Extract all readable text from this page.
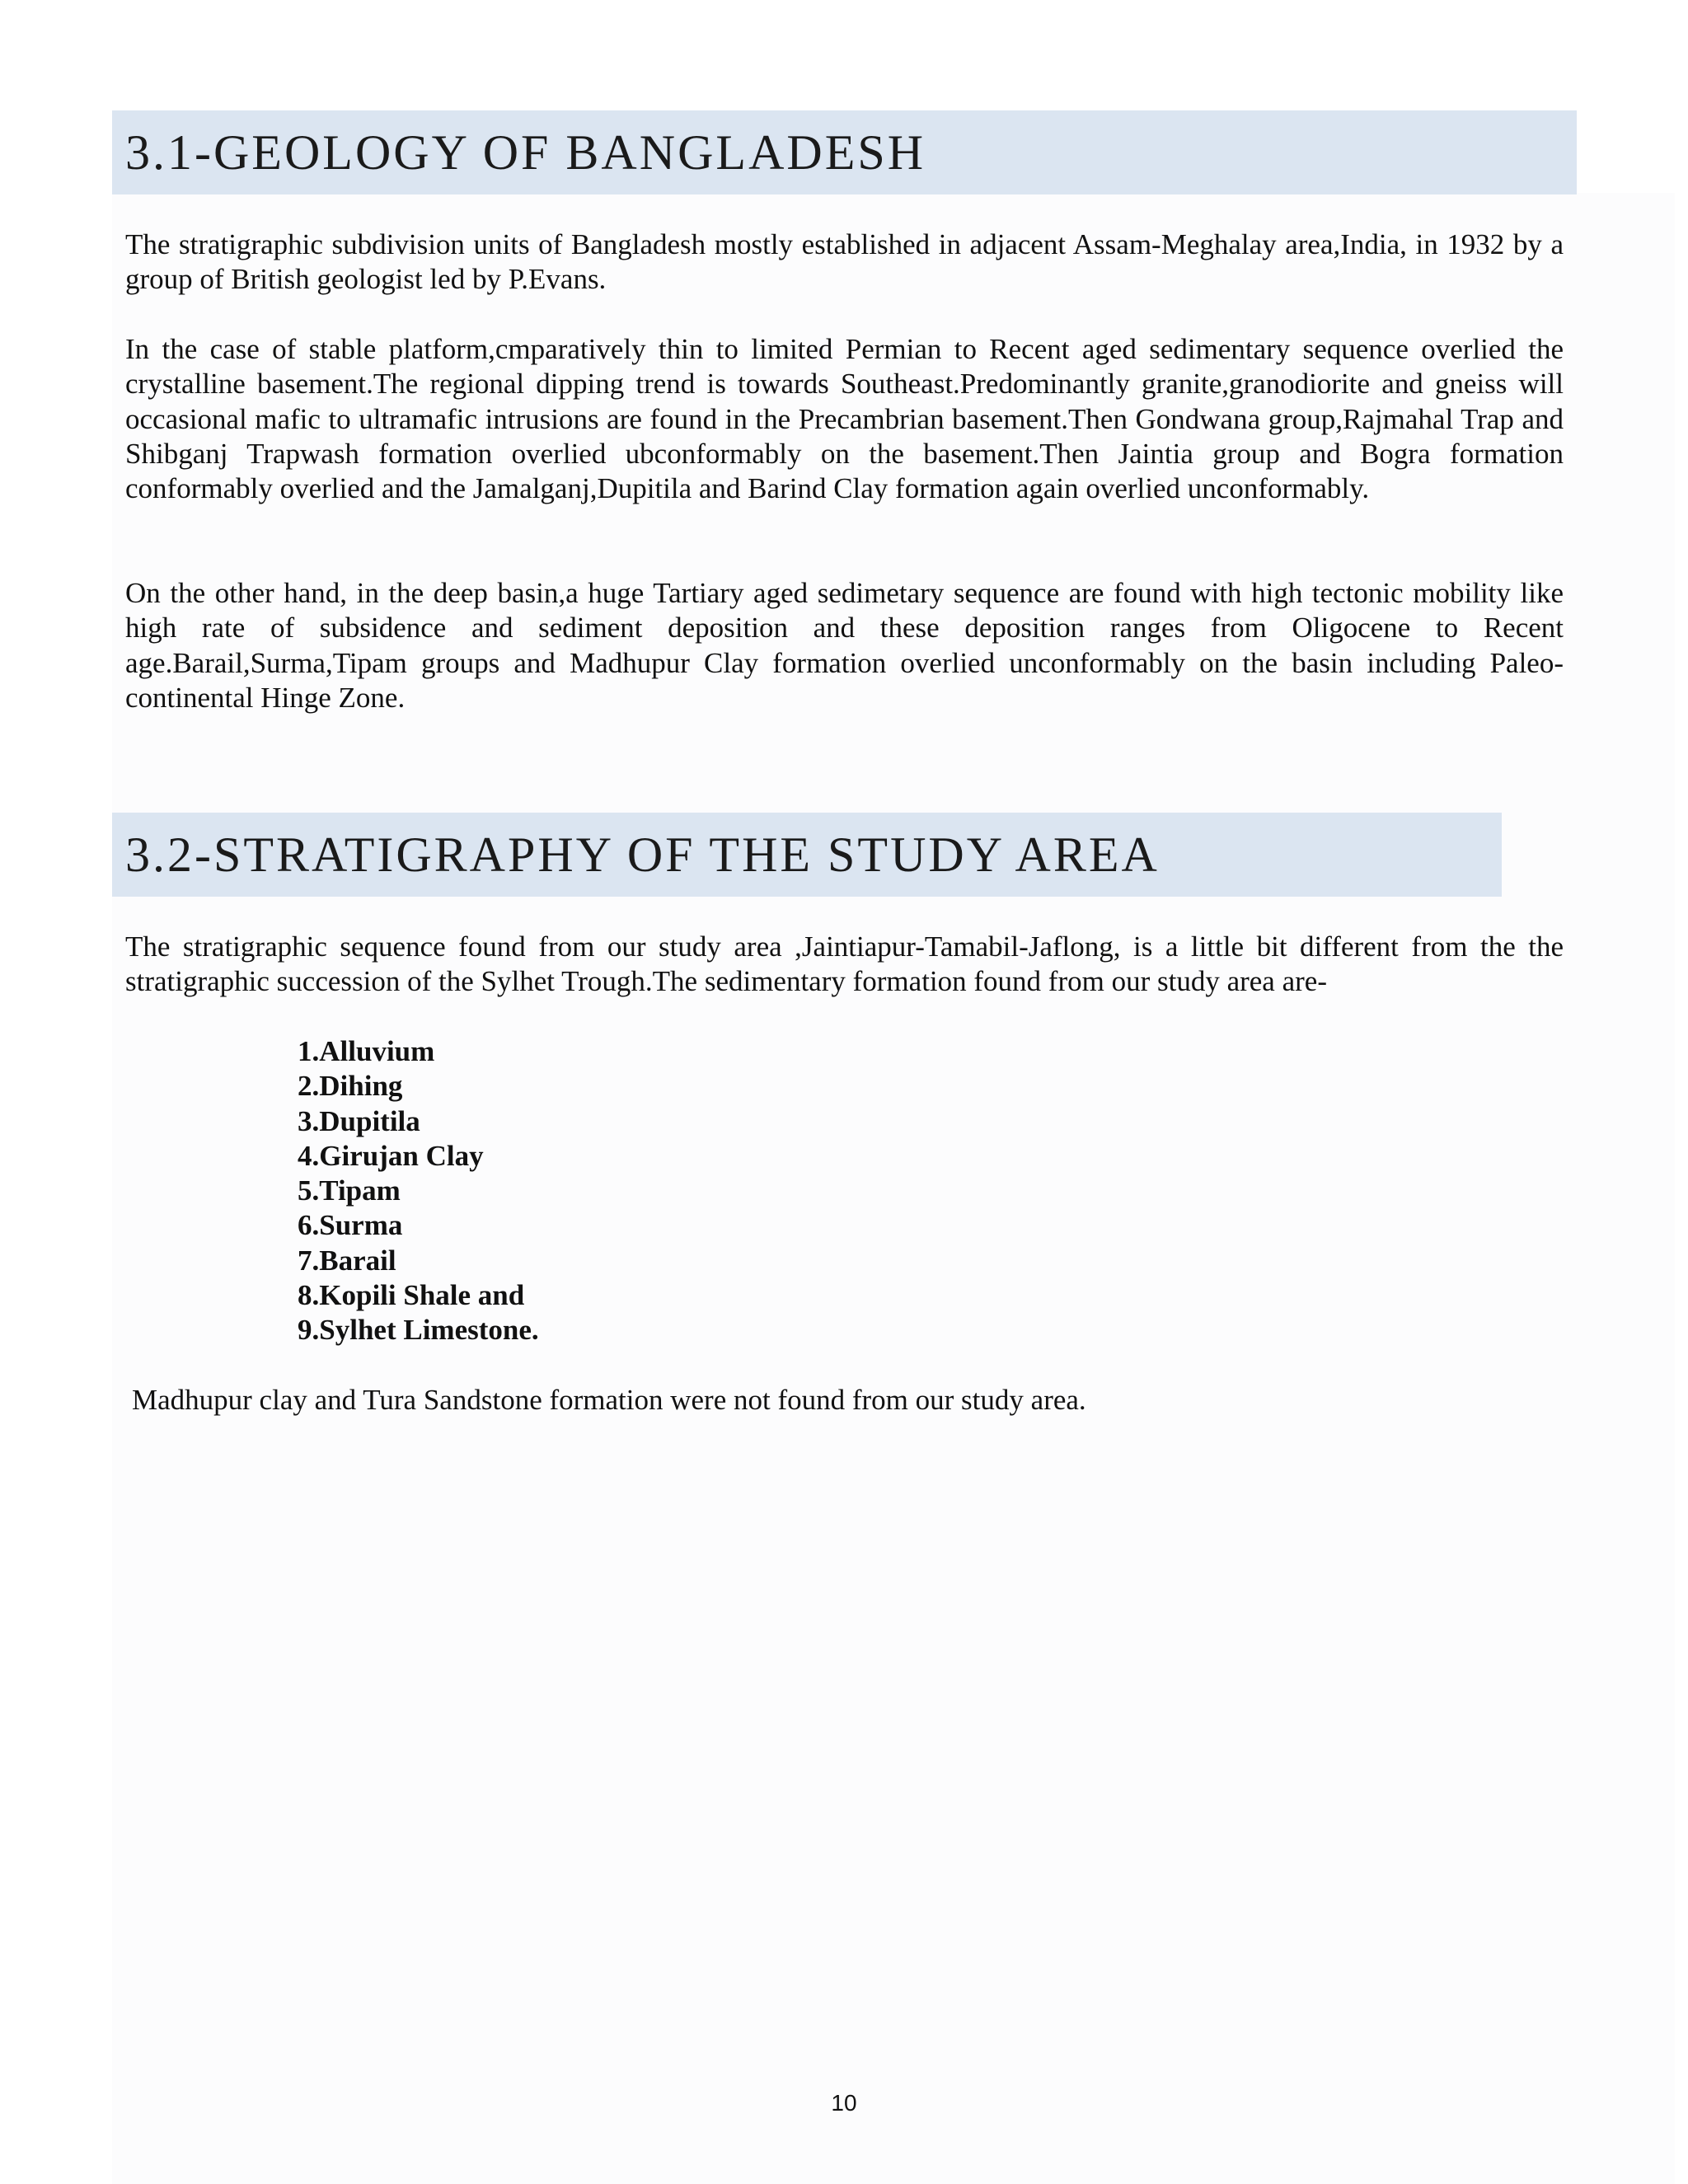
3.1-GEOLOGY OF BANGLADESH

The stratigraphic subdivision units of Bangladesh mostly established in adjacent Assam-Meghalay area,India, in 1932 by a group of British geologist led by P.Evans.

In the case of stable platform,cmparatively thin to limited Permian to Recent aged sedimentary sequence overlied the crystalline basement.The regional dipping trend is towards Southeast.Predominantly granite,granodiorite and gneiss will occasional mafic to ultramafic intrusions are found in the Precambrian basement.Then Gondwana group,Rajmahal Trap and Shibganj Trapwash formation overlied ubconformably on the basement.Then Jaintia group and Bogra formation conformably overlied and the Jamalganj,Dupitila and Barind Clay formation again overlied unconformably.

On the other hand, in the deep basin,a huge Tartiary aged sedimetary sequence are found with high tectonic mobility like high rate of subsidence and sediment deposition and these deposition ranges from Oligocene to Recent age.Barail,Surma,Tipam groups and Madhupur Clay formation overlied unconformably on the basin including Paleo-continental Hinge Zone.

3.2-STRATIGRAPHY OF THE STUDY AREA

The stratigraphic sequence found from our study area ,Jaintiapur-Tamabil-Jaflong, is a little bit different from the the stratigraphic succession of the Sylhet Trough.The sedimentary formation found from our study area are-

1.Alluvium
2.Dihing
3.Dupitila
4.Girujan Clay
5.Tipam
6.Surma
7.Barail
8.Kopili Shale and
9.Sylhet Limestone.

Madhupur clay and Tura Sandstone formation were not found from our study area.

10
